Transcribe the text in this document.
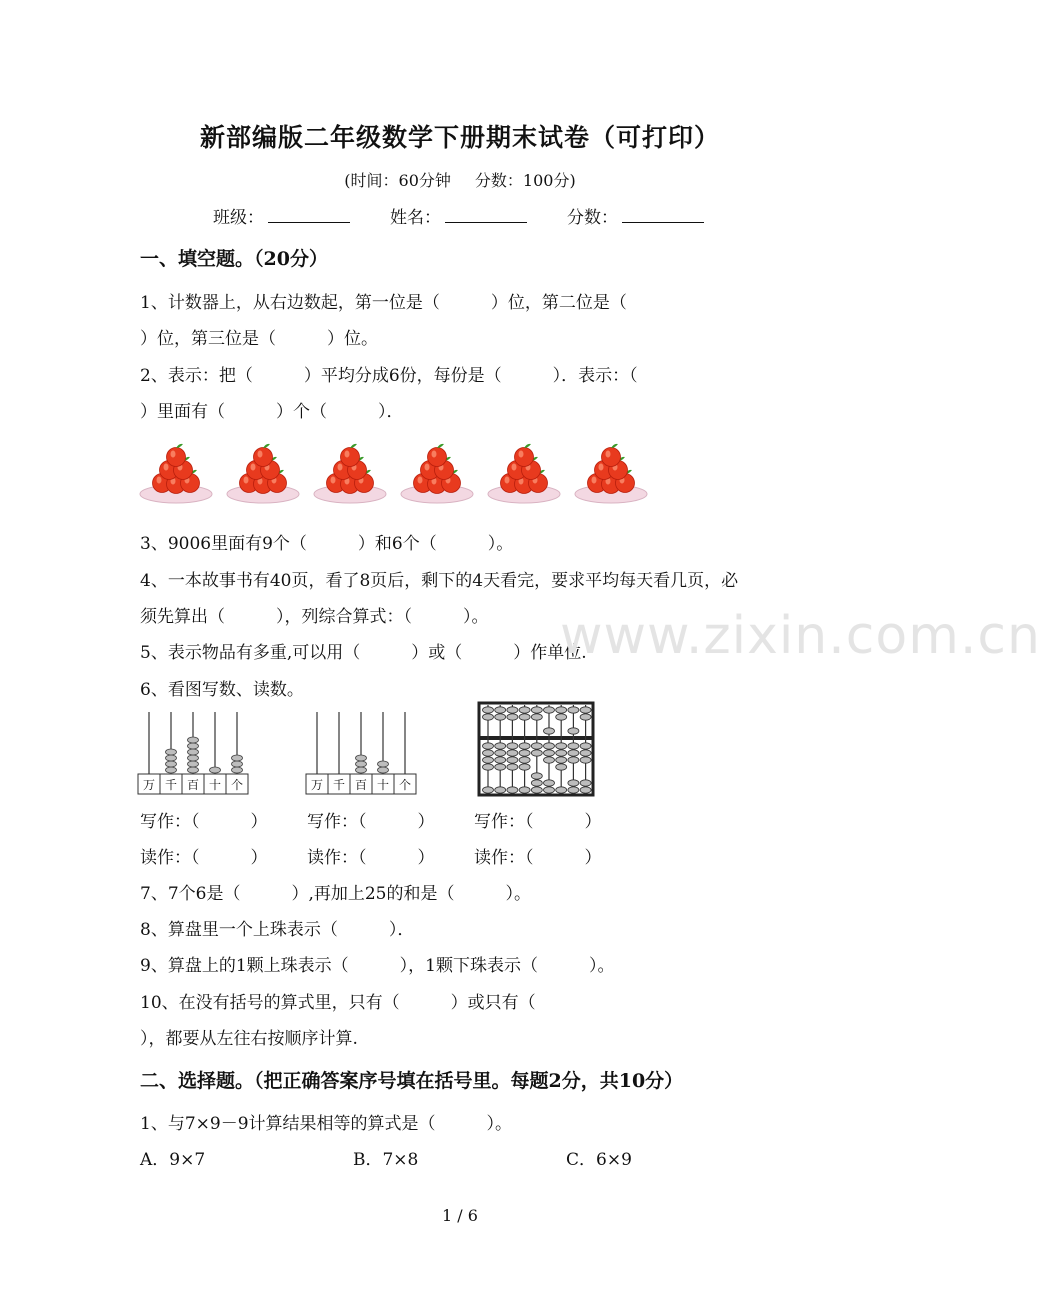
新部编版二年级数学下册期末试卷（可打印）
(时间：60分钟 分数：100分)
班级：	姓名：	分数：
一、填空题。（20分）
1、计数器上，从右边数起，第一位是（　　　）位，第二位是（
）位，第三位是（　　　）位。
2、表示：把（　　　）平均分成6份，每份是（　　　）．表示：（
）里面有（　　　）个（　　　）．
3、9006里面有9个（　　　）和6个（　　　）。
4、一本故事书有40页，看了8页后，剩下的4天看完，要求平均每天看几页，必
须先算出（　　　），列综合算式：（　　　）。
5、表示物品有多重,可以用（　　　）或（　　　）作单位.
6、看图写数、读数。
万 千 百 十 个	万 千 百 十 个
写作：（　　　） 写作：（　　　） 写作：（　　　）
读作：（　　　） 读作：（　　　） 读作：（　　　）
7、7个6是（　　　）,再加上25的和是（　　　）。
8、算盘里一个上珠表示（　　　）．
9、算盘上的1颗上珠表示（　　　），1颗下珠表示（　　　）。
10、在没有括号的算式里，只有（　　　）或只有（
），都要从左往右按顺序计算.
二、选择题。（把正确答案序号填在括号里。每题2分，共10分）
1、与7×9－9计算结果相等的算式是（　　　）。
A．9×7	B．7×8	C．6×9
www.zixin.com.cn
1 / 6
